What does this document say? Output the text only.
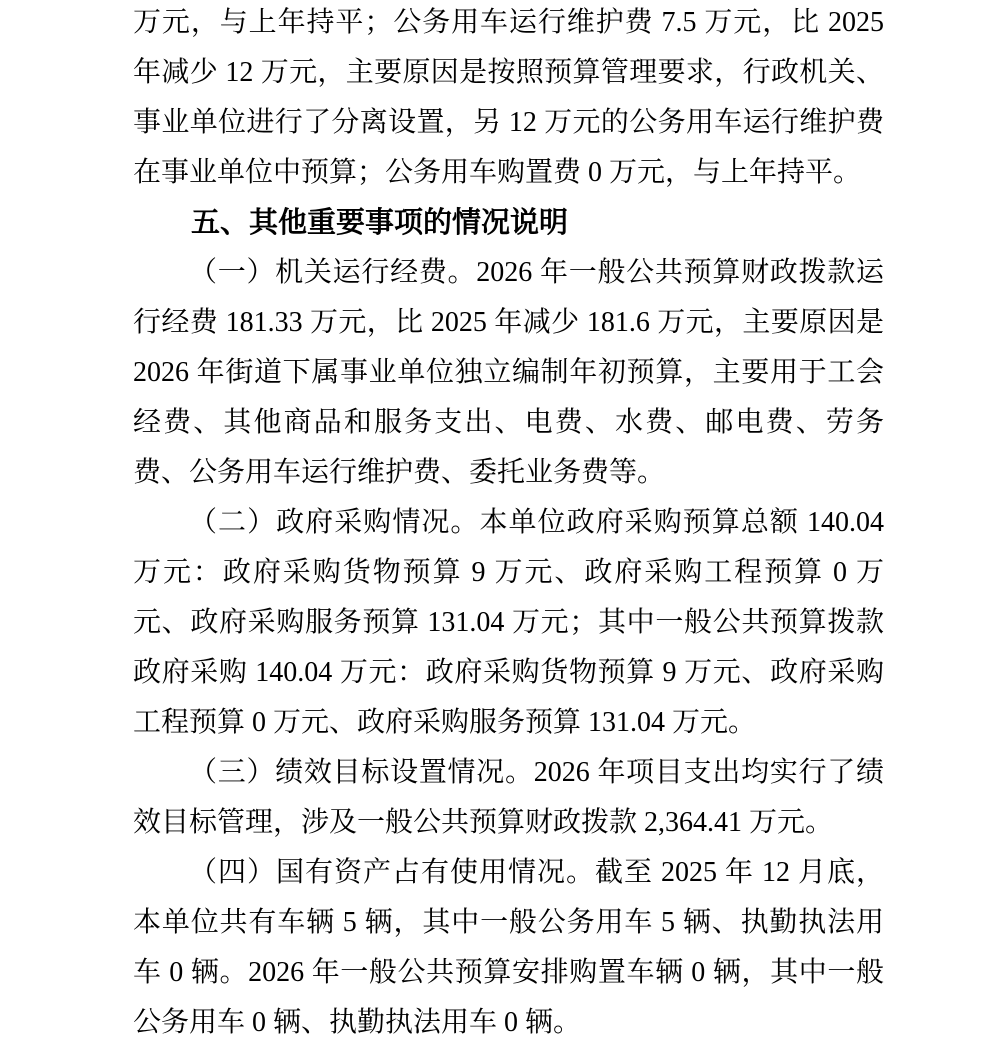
万元，与上年持平；公务用车运行维护费 7.5 万元，比 2025 年减少 12 万元，主要原因是按照预算管理要求，行政机关、事业单位进行了分离设置，另 12 万元的公务用车运行维护费在事业单位中预算；公务用车购置费 0 万元，与上年持平。

五、其他重要事项的情况说明

（一）机关运行经费。2026 年一般公共预算财政拨款运行经费 181.33 万元，比 2025 年减少 181.6 万元，主要原因是 2026 年街道下属事业单位独立编制年初预算，主要用于工会经费、其他商品和服务支出、电费、水费、邮电费、劳务费、公务用车运行维护费、委托业务费等。

（二）政府采购情况。本单位政府采购预算总额 140.04 万元：政府采购货物预算 9 万元、政府采购工程预算 0 万元、政府采购服务预算 131.04 万元；其中一般公共预算拨款政府采购 140.04 万元：政府采购货物预算 9 万元、政府采购工程预算 0 万元、政府采购服务预算 131.04 万元。

（三）绩效目标设置情况。2026 年项目支出均实行了绩效目标管理，涉及一般公共预算财政拨款 2,364.41 万元。

（四）国有资产占有使用情况。截至 2025 年 12 月底，本单位共有车辆 5 辆，其中一般公务用车 5 辆、执勤执法用车 0 辆。2026 年一般公共预算安排购置车辆 0 辆，其中一般公务用车 0 辆、执勤执法用车 0 辆。
